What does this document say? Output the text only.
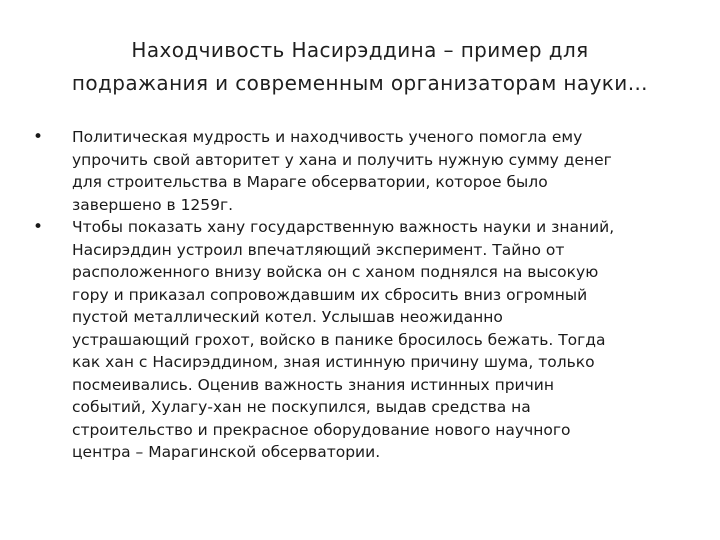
Находчивость Насирэддина – пример для
подражания и современным организаторам науки…
• Политическая мудрость и находчивость ученого помогла ему
упрочить свой авторитет у хана и получить нужную сумму денег
для строительства в Мараге обсерватории, которое было
завершено в 1259г.
• Чтобы показать хану государственную важность науки и знаний,
Насирэддин устроил впечатляющий эксперимент. Тайно от
расположенного внизу войска он с ханом поднялся на высокую
гору и приказал сопровождавшим их сбросить вниз огромный
пустой металлический котел. Услышав неожиданно
устрашающий грохот, войско в панике бросилось бежать. Тогда
как хан с Насирэддином, зная истинную причину шума, только
посмеивались. Оценив важность знания истинных причин
событий, Хулагу-хан не поскупился, выдав средства на
строительство и прекрасное оборудование нового научного
центра – Марагинской обсерватории.
